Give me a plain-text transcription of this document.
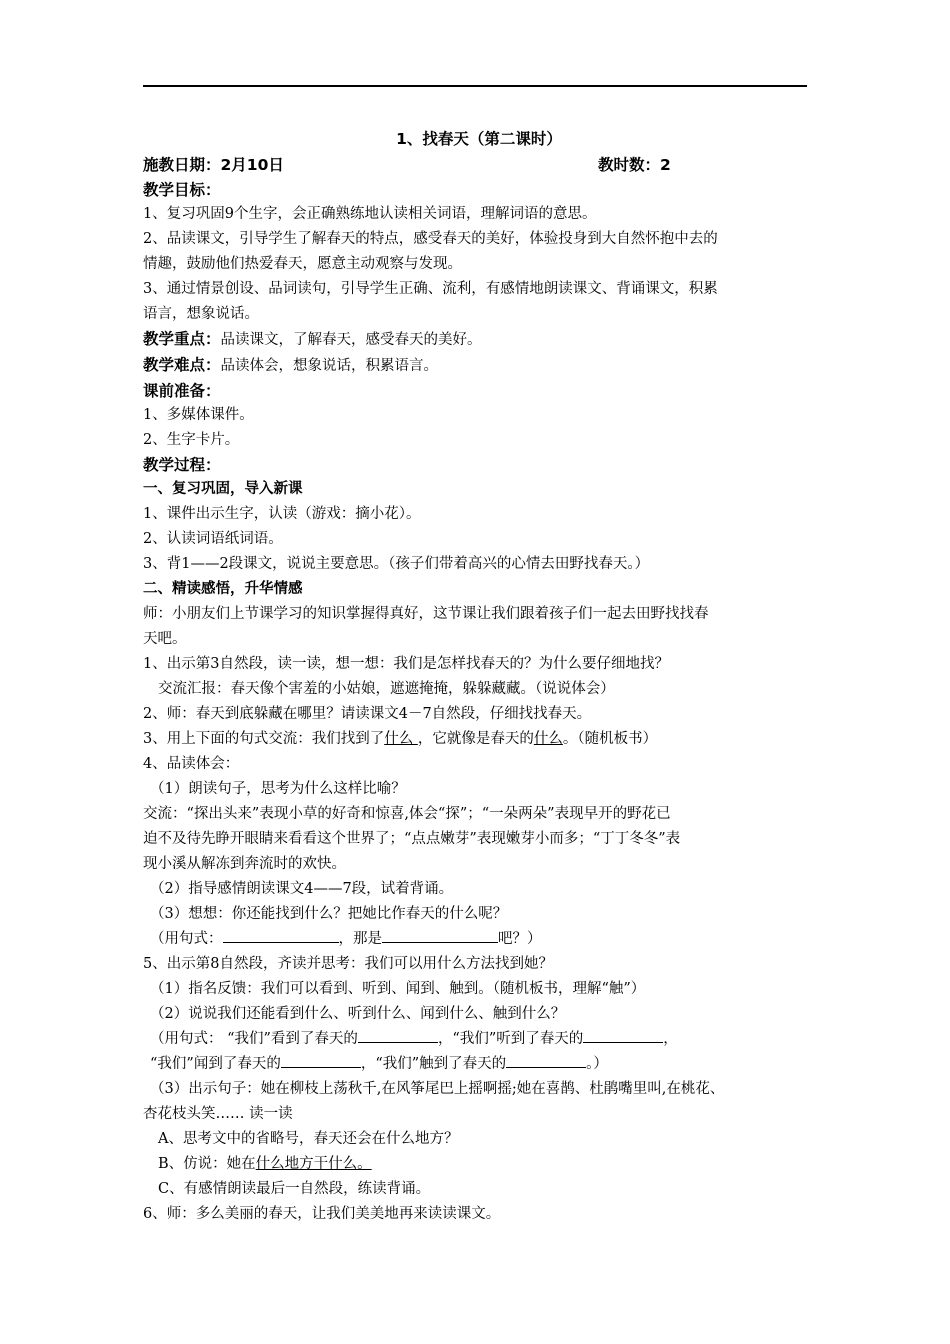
1、找春天（第二课时）
施教日期：2月10日	教时数：2
教学目标：

1、复习巩固9个生字，会正确熟练地认读相关词语，理解词语的意思。

2、品读课文，引导学生了解春天的特点，感受春天的美好，体验投身到大自然怀抱中去的

情趣，鼓励他们热爱春天，愿意主动观察与发现。

3、通过情景创设、品词读句，引导学生正确、流利，有感情地朗读课文、背诵课文，积累

语言，想象说话。

教学重点：品读课文，了解春天，感受春天的美好。

教学难点：品读体会，想象说话，积累语言。

课前准备：

1、多媒体课件。

2、生字卡片。

教学过程：

一、复习巩固，导入新课

1、课件出示生字，认读（游戏：摘小花）。

2、认读词语纸词语。

3、背1——2段课文，说说主要意思。（孩子们带着高兴的心情去田野找春天。）

二、精读感悟，升华情感

师：小朋友们上节课学习的知识掌握得真好，这节课让我们跟着孩子们一起去田野找找春

天吧。

1、出示第3自然段，读一读，想一想：我们是怎样找春天的？为什么要仔细地找？

交流汇报：春天像个害羞的小姑娘，遮遮掩掩，躲躲藏藏。（说说体会）

2、师：春天到底躲藏在哪里？请读课文4－7自然段，仔细找找春天。

3、用上下面的句式交流：我们找到了什么 ，它就像是春天的什么。（随机板书）

4、品读体会：

（1）朗读句子，思考为什么这样比喻？

交流：“探出头来”表现小草的好奇和惊喜,体会“探”；“一朵两朵”表现早开的野花已

迫不及待先睁开眼睛来看看这个世界了；“点点嫩芽”表现嫩芽小而多；“丁丁冬冬”表

现小溪从解冻到奔流时的欢快。

（2）指导感情朗读课文4——7段，试着背诵。

（3）想想：你还能找到什么？把她比作春天的什么呢？

（用句式：	，那是	吧？）

5、出示第8自然段，齐读并思考：我们可以用什么方法找到她？

（1）指名反馈：我们可以看到、听到、闻到、触到。（随机板书，理解“触”）

（2）说说我们还能看到什么、听到什么、闻到什么、触到什么？

（用句式： “我们”看到了春天的	，“我们”听到了春天的	，

“我们”闻到了春天的	，“我们”触到了春天的	。）

（3）出示句子：她在柳枝上荡秋千,在风筝尾巴上摇啊摇;她在喜鹊、杜鹃嘴里叫,在桃花、

杏花枝头笑…… 读一读

A、思考文中的省略号，春天还会在什么地方？

B、仿说：她在什么地方干什么。

C、有感情朗读最后一自然段，练读背诵。

6、师：多么美丽的春天，让我们美美地再来读读课文。
